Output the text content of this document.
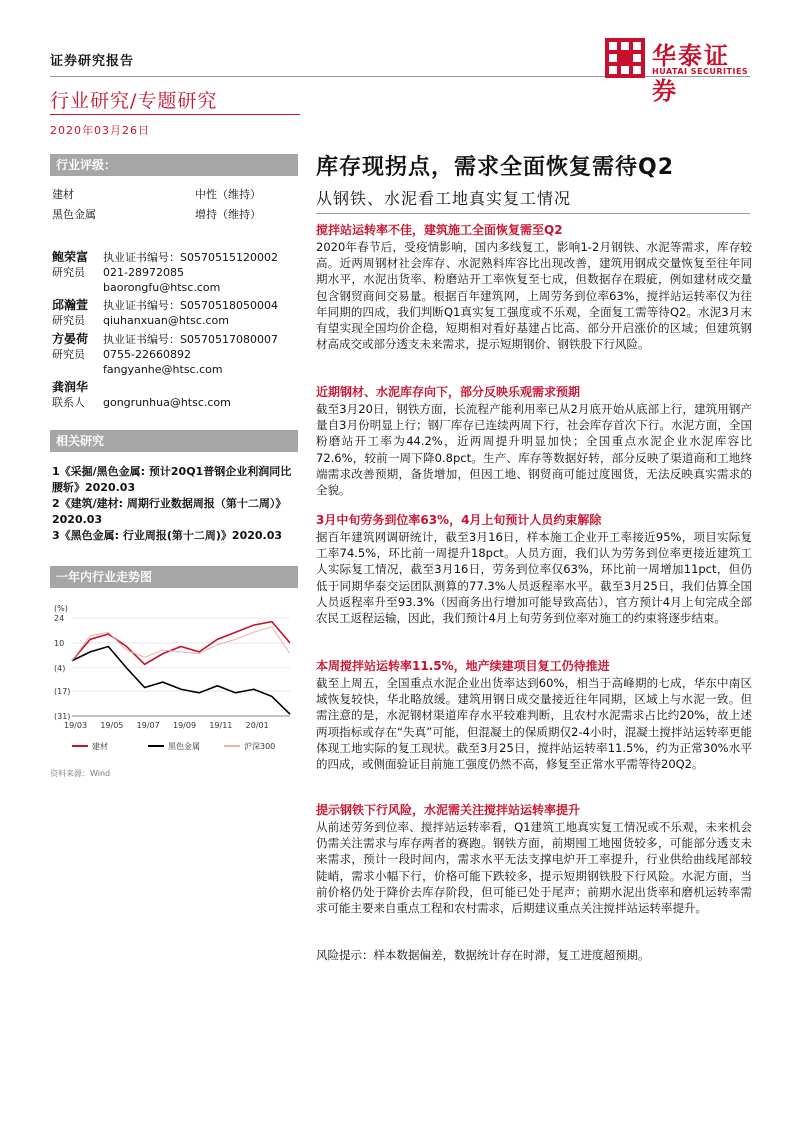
证券研究报告
行业研究/专题研究
2020年03月26日
华泰证券
HUATAI SECURITIES
行业评级：
建材	中性（维持）
黑色金属	增持（维持）
鲍荣富
研究员
执业证书编号：S0570515120002
021-28972085
baorongfu@htsc.com
邱瀚萱
研究员
执业证书编号：S0570518050004
qiuhanxuan@htsc.com
方晏荷
研究员
执业证书编号：S0570517080007
0755-22660892
fangyanhe@htsc.com
龚润华
联系人 gongrunhua@htsc.com
相关研究
1《采掘/黑色金属: 预计20Q1普钢企业利润同比腰斩》2020.03
2《建筑/建材: 周期行业数据周报（第十二周）》2020.03
3《黑色金属: 行业周报(第十二周)》2020.03
一年内行业走势图
(%)
24
10
(4)
(17)
(31)
19/03 19/05 19/07 19/09 19/11 20/01
建材	黑色金属	沪深300
资料来源：Wind
库存现拐点，需求全面恢复需待Q2
从钢铁、水泥看工地真实复工情况
搅拌站运转率不佳，建筑施工全面恢复需至Q2
2020年春节后，受疫情影响，国内多线复工，影响1-2月钢铁、水泥等需求，库存较高。近两周钢材社会库存、水泥熟料库容比出现改善，建筑用钢成交量恢复至往年同期水平，水泥出货率、粉磨站开工率恢复至七成，但数据存在瑕疵，例如建材成交量包含钢贸商间交易量。根据百年建筑网，上周劳务到位率63%，搅拌站运转率仅为往年同期的四成，我们判断Q1真实复工强度或不乐观，全面复工需等待Q2。水泥3月末有望实现全国均价企稳，短期相对看好基建占比高、部分开启涨价的区域；但建筑钢材高成交或部分透支未来需求，提示短期钢价、钢铁股下行风险。
近期钢材、水泥库存向下，部分反映乐观需求预期
截至3月20日，钢铁方面，长流程产能利用率已从2月底开始从底部上行，建筑用钢产量自3月份明显上行；钢厂库存已连续两周下行，社会库存首次下行。水泥方面，全国粉磨站开工率为44.2%，近两周提升明显加快；全国重点水泥企业水泥库容比72.6%，较前一周下降0.8pct。生产、库存等数据好转，部分反映了渠道商和工地终端需求改善预期，备货增加，但因工地、钢贸商可能过度囤货，无法反映真实需求的全貌。
3月中旬劳务到位率63%，4月上旬预计人员约束解除
据百年建筑网调研统计，截至3月16日，样本施工企业开工率接近95%，项目实际复工率74.5%，环比前一周提升18pct。人员方面，我们认为劳务到位率更接近建筑工人实际复工情况，截至3月16日，劳务到位率仅63%，环比前一周增加11pct，但仍低于同期华泰交运团队测算的77.3%人员返程率水平。截至3月25日，我们估算全国人员返程率升至93.3%（因商务出行增加可能导致高估），官方预计4月上旬完成全部农民工返程运输，因此，我们预计4月上旬劳务到位率对施工的约束将逐步结束。
本周搅拌站运转率11.5%，地产续建项目复工仍待推进
截至上周五，全国重点水泥企业出货率达到60%，相当于高峰期的七成，华东中南区域恢复较快，华北略放缓。建筑用钢日成交量接近往年同期，区域上与水泥一致。但需注意的是，水泥钢材渠道库存水平较难判断，且农村水泥需求占比约20%，故上述两项指标或存在“失真”可能，但混凝土的保质期仅2-4小时，混凝土搅拌站运转率更能体现工地实际的复工现状。截至3月25日，搅拌站运转率11.5%，约为正常30%水平的四成，或侧面验证目前施工强度仍然不高，修复至正常水平需等待20Q2。
提示钢铁下行风险，水泥需关注搅拌站运转率提升
从前述劳务到位率、搅拌站运转率看，Q1建筑工地真实复工情况或不乐观，未来机会仍需关注需求与库存两者的赛跑。钢铁方面，前期囤工地囤货较多，可能部分透支未来需求，预计一段时间内，需求水平无法支撑电炉开工率提升，行业供给曲线尾部较陡峭，需求小幅下行，价格可能下跌较多，提示短期钢铁股下行风险。水泥方面，当前价格仍处于降价去库存阶段，但可能已处于尾声；前期水泥出货率和磨机运转率需求可能主要来自重点工程和农村需求，后期建议重点关注搅拌站运转率提升。
风险提示：样本数据偏差，数据统计存在时滞，复工进度超预期。
